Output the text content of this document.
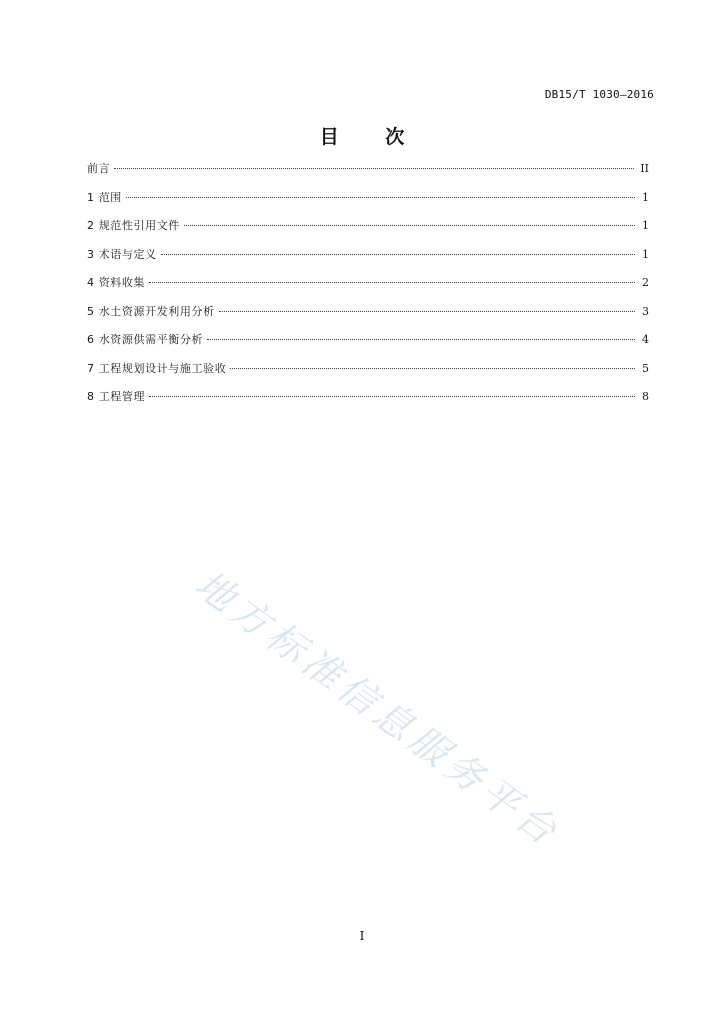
DB15/T 1030—2016
目 次
前言	II
1 范围	1
2 规范性引用文件	1
3 术语与定义	1
4 资料收集	2
5 水土资源开发利用分析	3
6 水资源供需平衡分析	4
7 工程规划设计与施工验收	5
8 工程管理	8
地方标准信息服务平台
I
